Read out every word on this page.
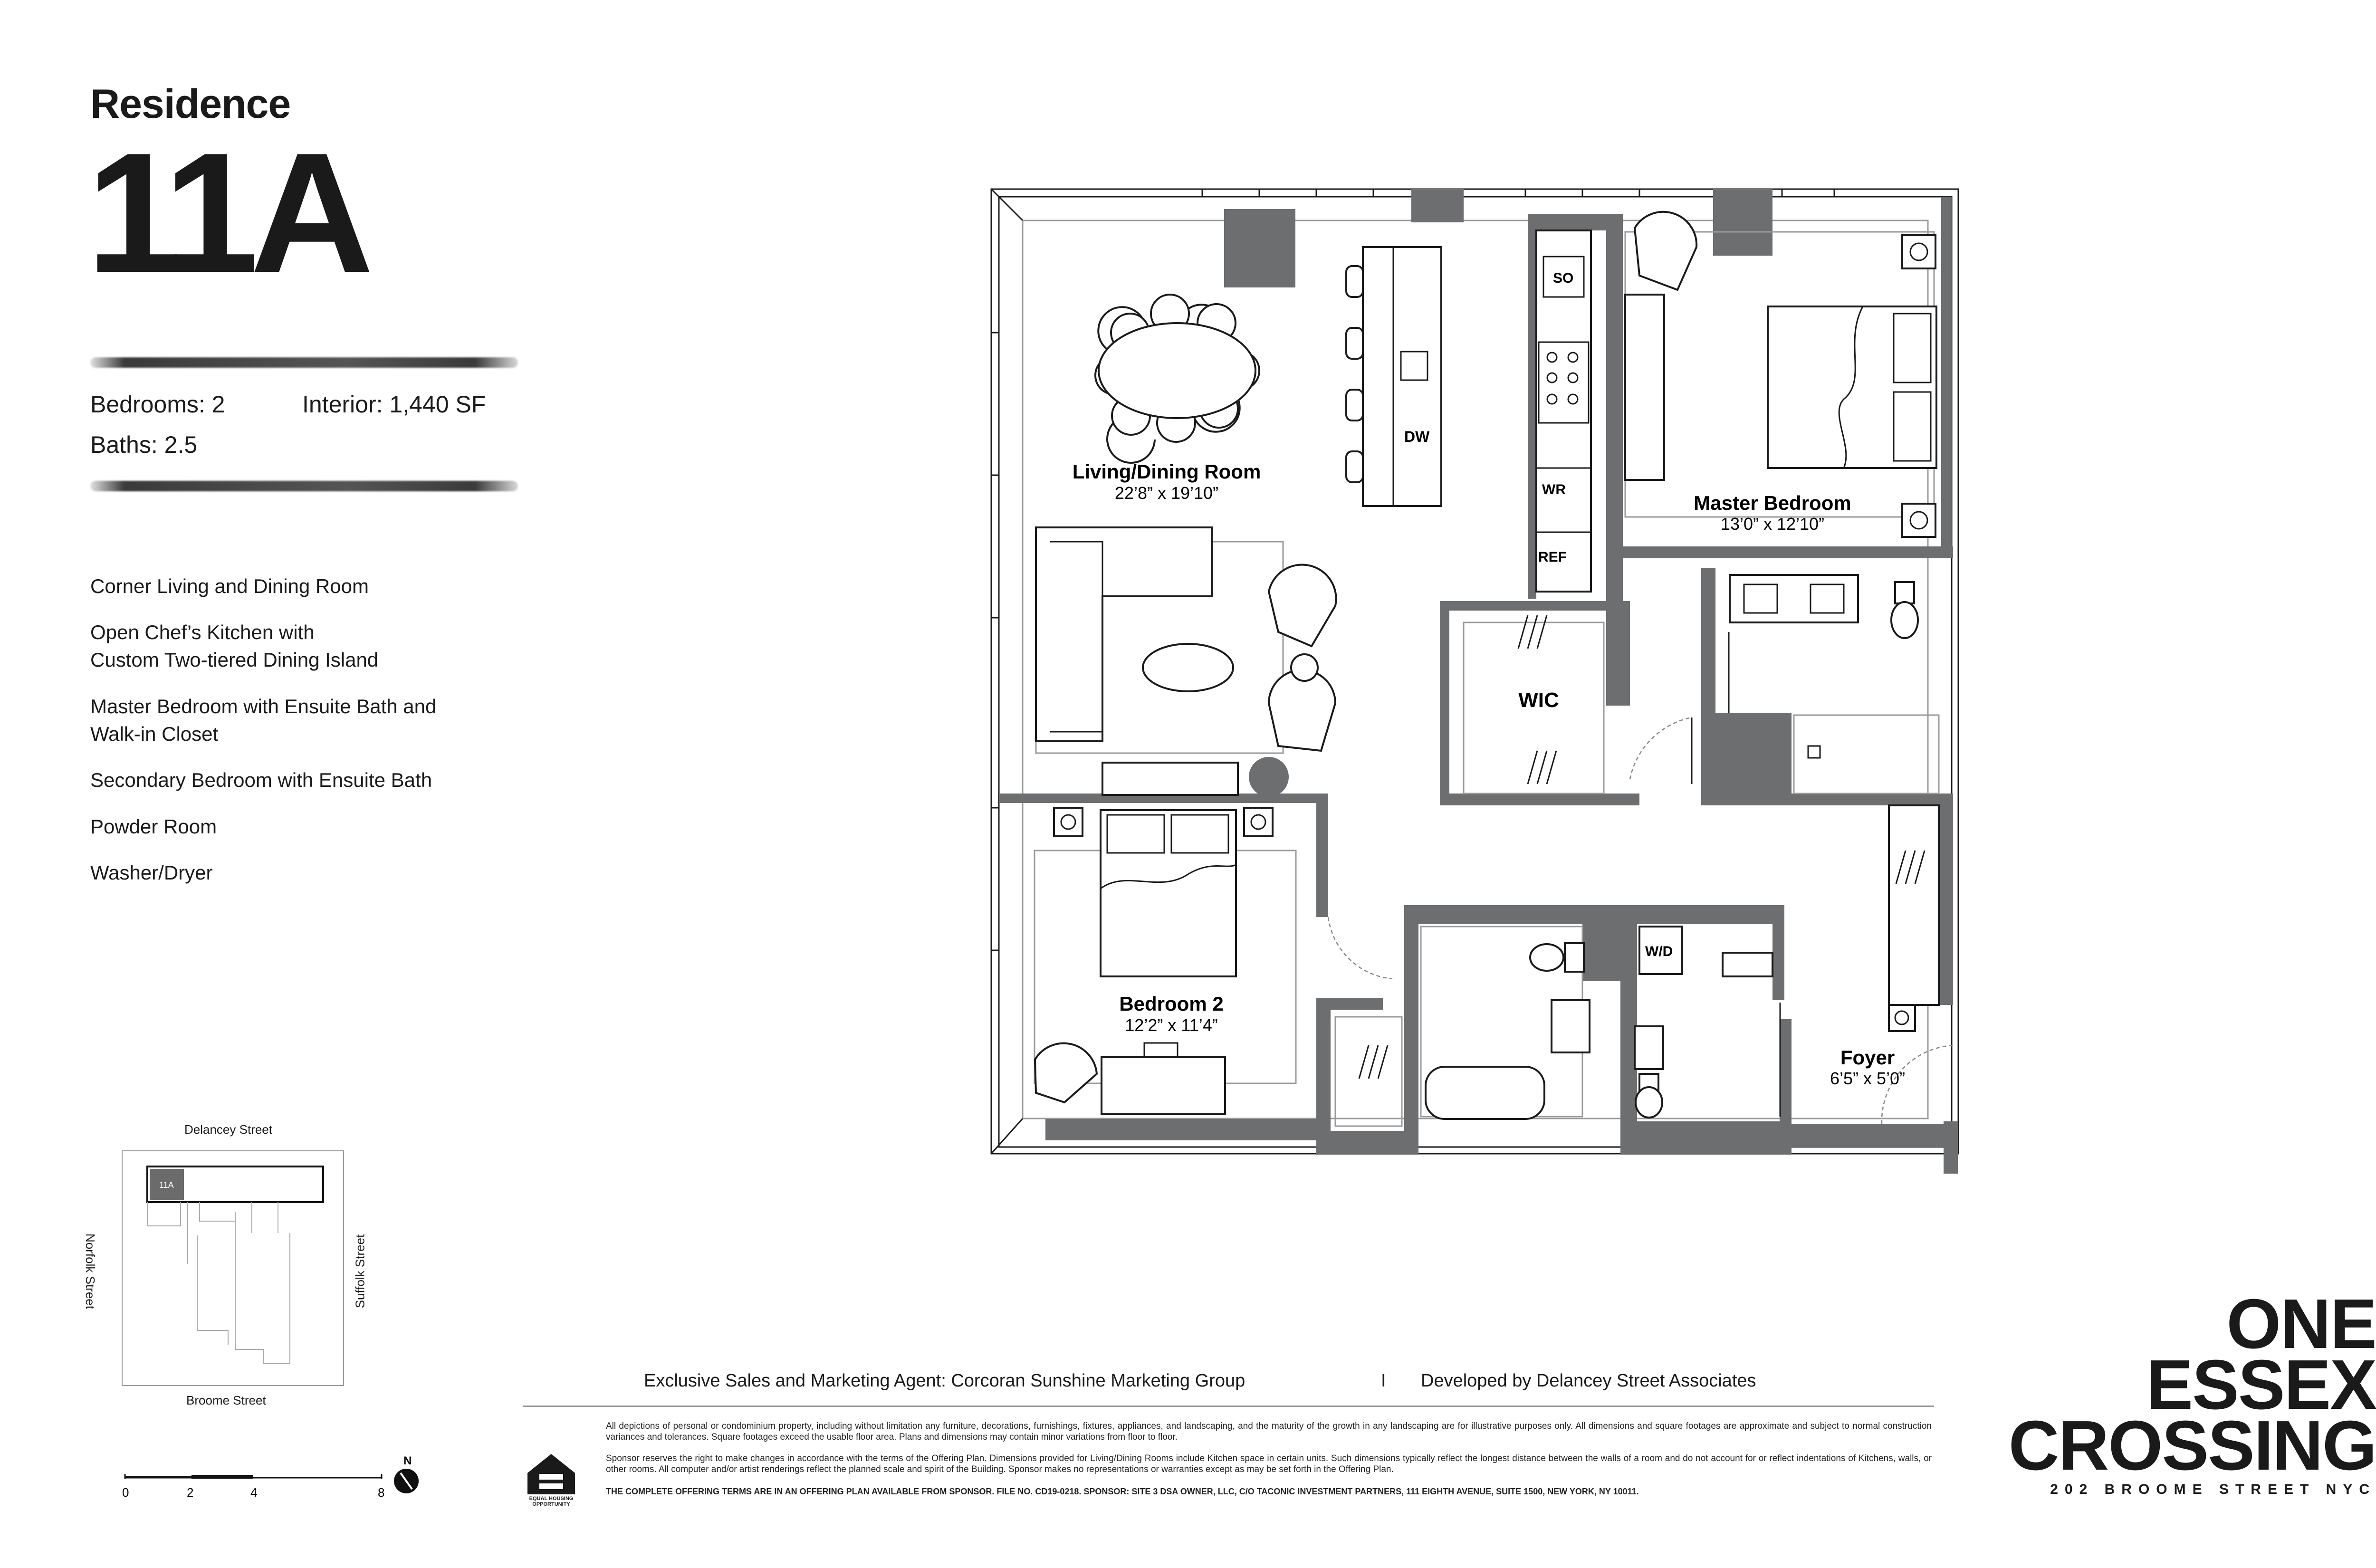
Residence
11A
Bedrooms: 2	Interior: 1,440 SF
Baths: 2.5
Corner Living and Dining Room
Open Chef’s Kitchen with
Custom Two-tiered Dining Island
Master Bedroom with Ensuite Bath and
Walk-in Closet
Secondary Bedroom with Ensuite Bath
Powder Room
Washer/Dryer
Delancey Street
Broome Street
Norfolk Street	Suffolk Street
11A
0	2	4	8
N
SO
WR
REF
DW
W/D
Living/Dining Room
22’8” x 19’10”	Master Bedroom
13’0” x 12’10”
Bedroom 2
12’2” x 11’4”
Foyer
6’5” x 5’0”
WIC
Exclusive Sales and Marketing Agent: Corcoran Sunshine Marketing Group	I Developed by Delancey Street Associates
EQUAL HOUSING OPPORTUNITY
All depictions of personal or condominium property, including without limitation any furniture, decorations, furnishings, fixtures, appliances, and landscaping, and the maturity of the growth in any landscaping are for illustrative purposes only. All dimensions and square footages are approximate and subject to normal construction variances and tolerances. Square footages exceed the usable floor area. Plans and dimensions may contain minor variations from floor to floor.
Sponsor reserves the right to make changes in accordance with the terms of the Offering Plan. Dimensions provided for Living/Dining Rooms include Kitchen space in certain units. Such dimensions typically reflect the longest distance between the walls of a room and do not account for or reflect indentations of Kitchens, walls, or other rooms. All computer and/or artist renderings reflect the planned scale and spirit of the Building. Sponsor makes no representations or warranties except as may be set forth in the Offering Plan.
THE COMPLETE OFFERING TERMS ARE IN AN OFFERING PLAN AVAILABLE FROM SPONSOR. FILE NO. CD19-0218. SPONSOR: SITE 3 DSA OWNER, LLC, C/O TACONIC INVESTMENT PARTNERS, 111 EIGHTH AVENUE, SUITE 1500, NEW YORK, NY 10011.
ONE
ESSEX
CROSSING
202 BROOME STREET NYC
